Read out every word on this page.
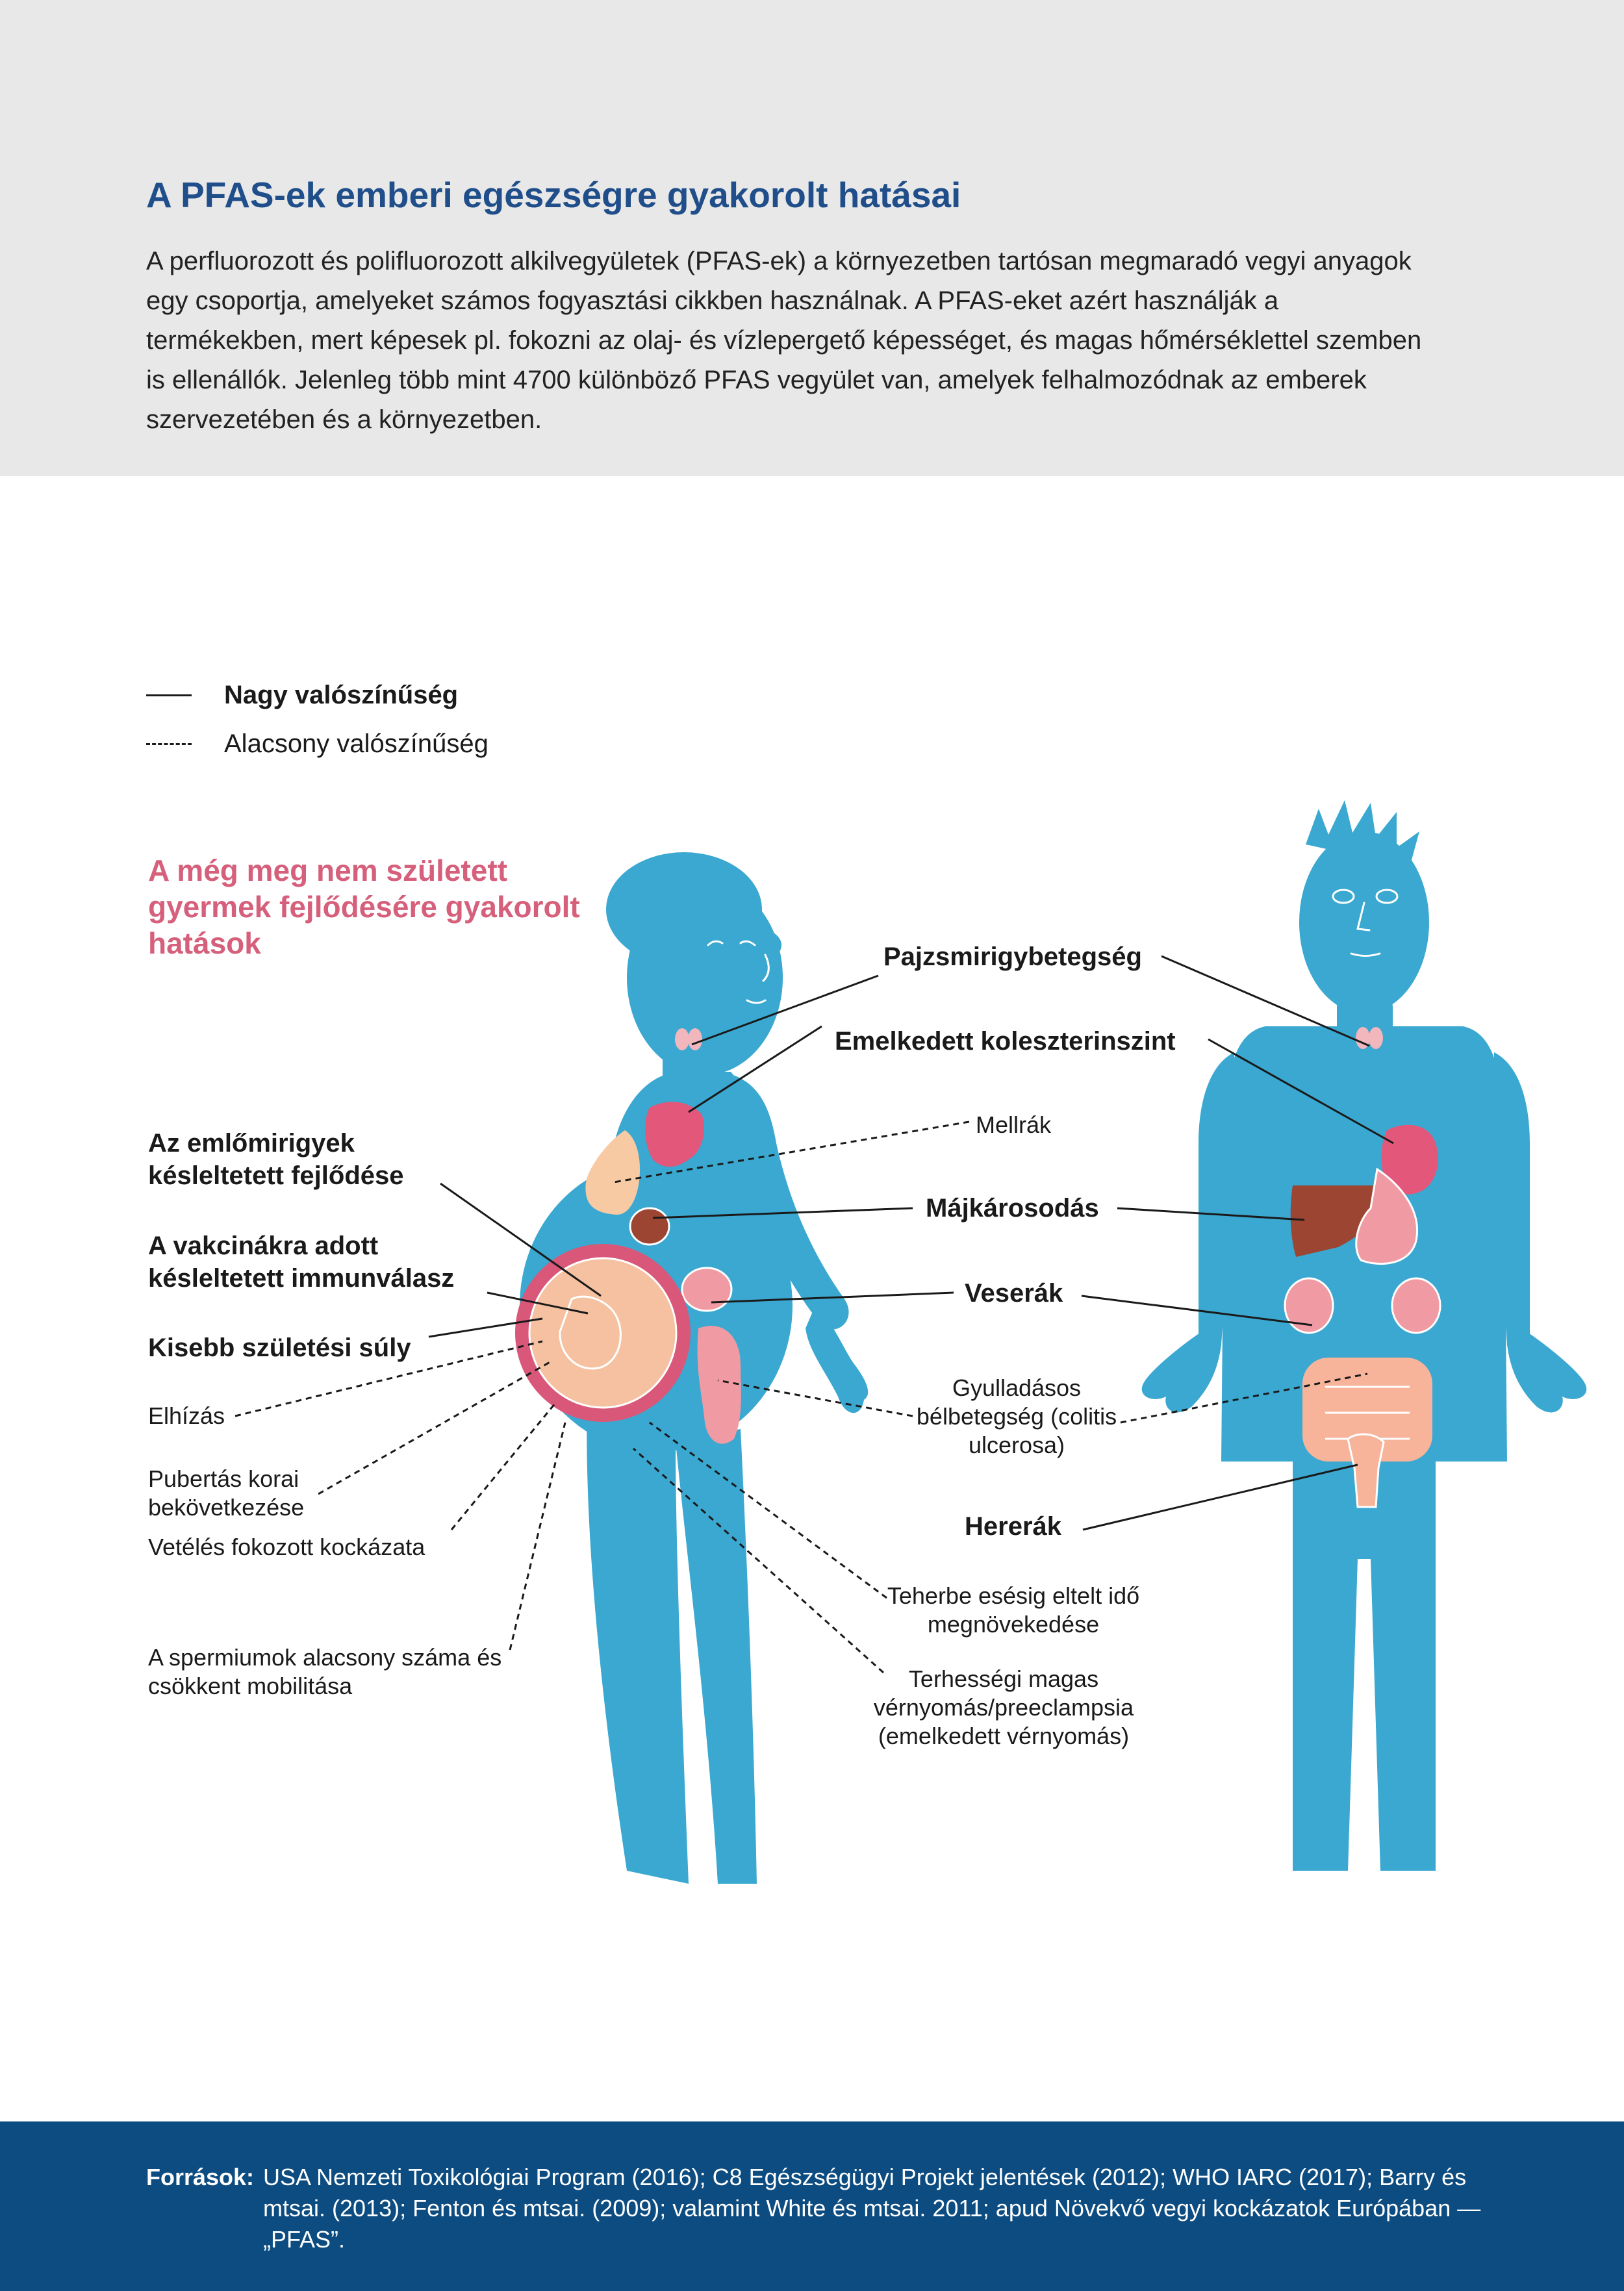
A PFAS-ek emberi egészségre gyakorolt hatásai

A perfluorozott és polifluorozott alkilvegyületek (PFAS-ek) a környezetben tartósan megmaradó vegyi anyagok egy csoportja, amelyeket számos fogyasztási cikkben használnak. A PFAS-eket azért használják a termékekben, mert képesek pl. fokozni az olaj- és vízlepergető képességet, és magas hőmérséklettel szemben is ellenállók. Jelenleg több mint 4700 különböző PFAS vegyület van, amelyek felhalmozódnak az emberek szervezetében és a környezetben.

Nagy valószínűség
Alacsony valószínűség
A még meg nem született gyermek fejlődésére gyakorolt hatások	Pajzsmirigybetegség

Emelkedett koleszterinszint

Mellrák

Májkárosodás

Veserák

Gyulladásos bélbetegség (colitis ulcerosa)

Hererák

Az emlőmirigyek késleltetett fejlődése

A vakcinákra adott késleltetett immunválasz

Kisebb születési súly

Elhízás

Pubertás korai bekövetkezése

Vetélés fokozott kockázata

A spermiumok alacsony száma és csökkent mobilitása

Teherbe esésig eltelt idő megnövekedése

Terhességi magas vérnyomás/preeclampsia (emelkedett vérnyomás)

Források: USA Nemzeti Toxikológiai Program (2016); C8 Egészségügyi Projekt jelentések (2012); WHO IARC (2017); Barry és mtsai. (2013); Fenton és mtsai. (2009); valamint White és mtsai. 2011; apud Növekvő vegyi kockázatok Európában — „PFAS”.
